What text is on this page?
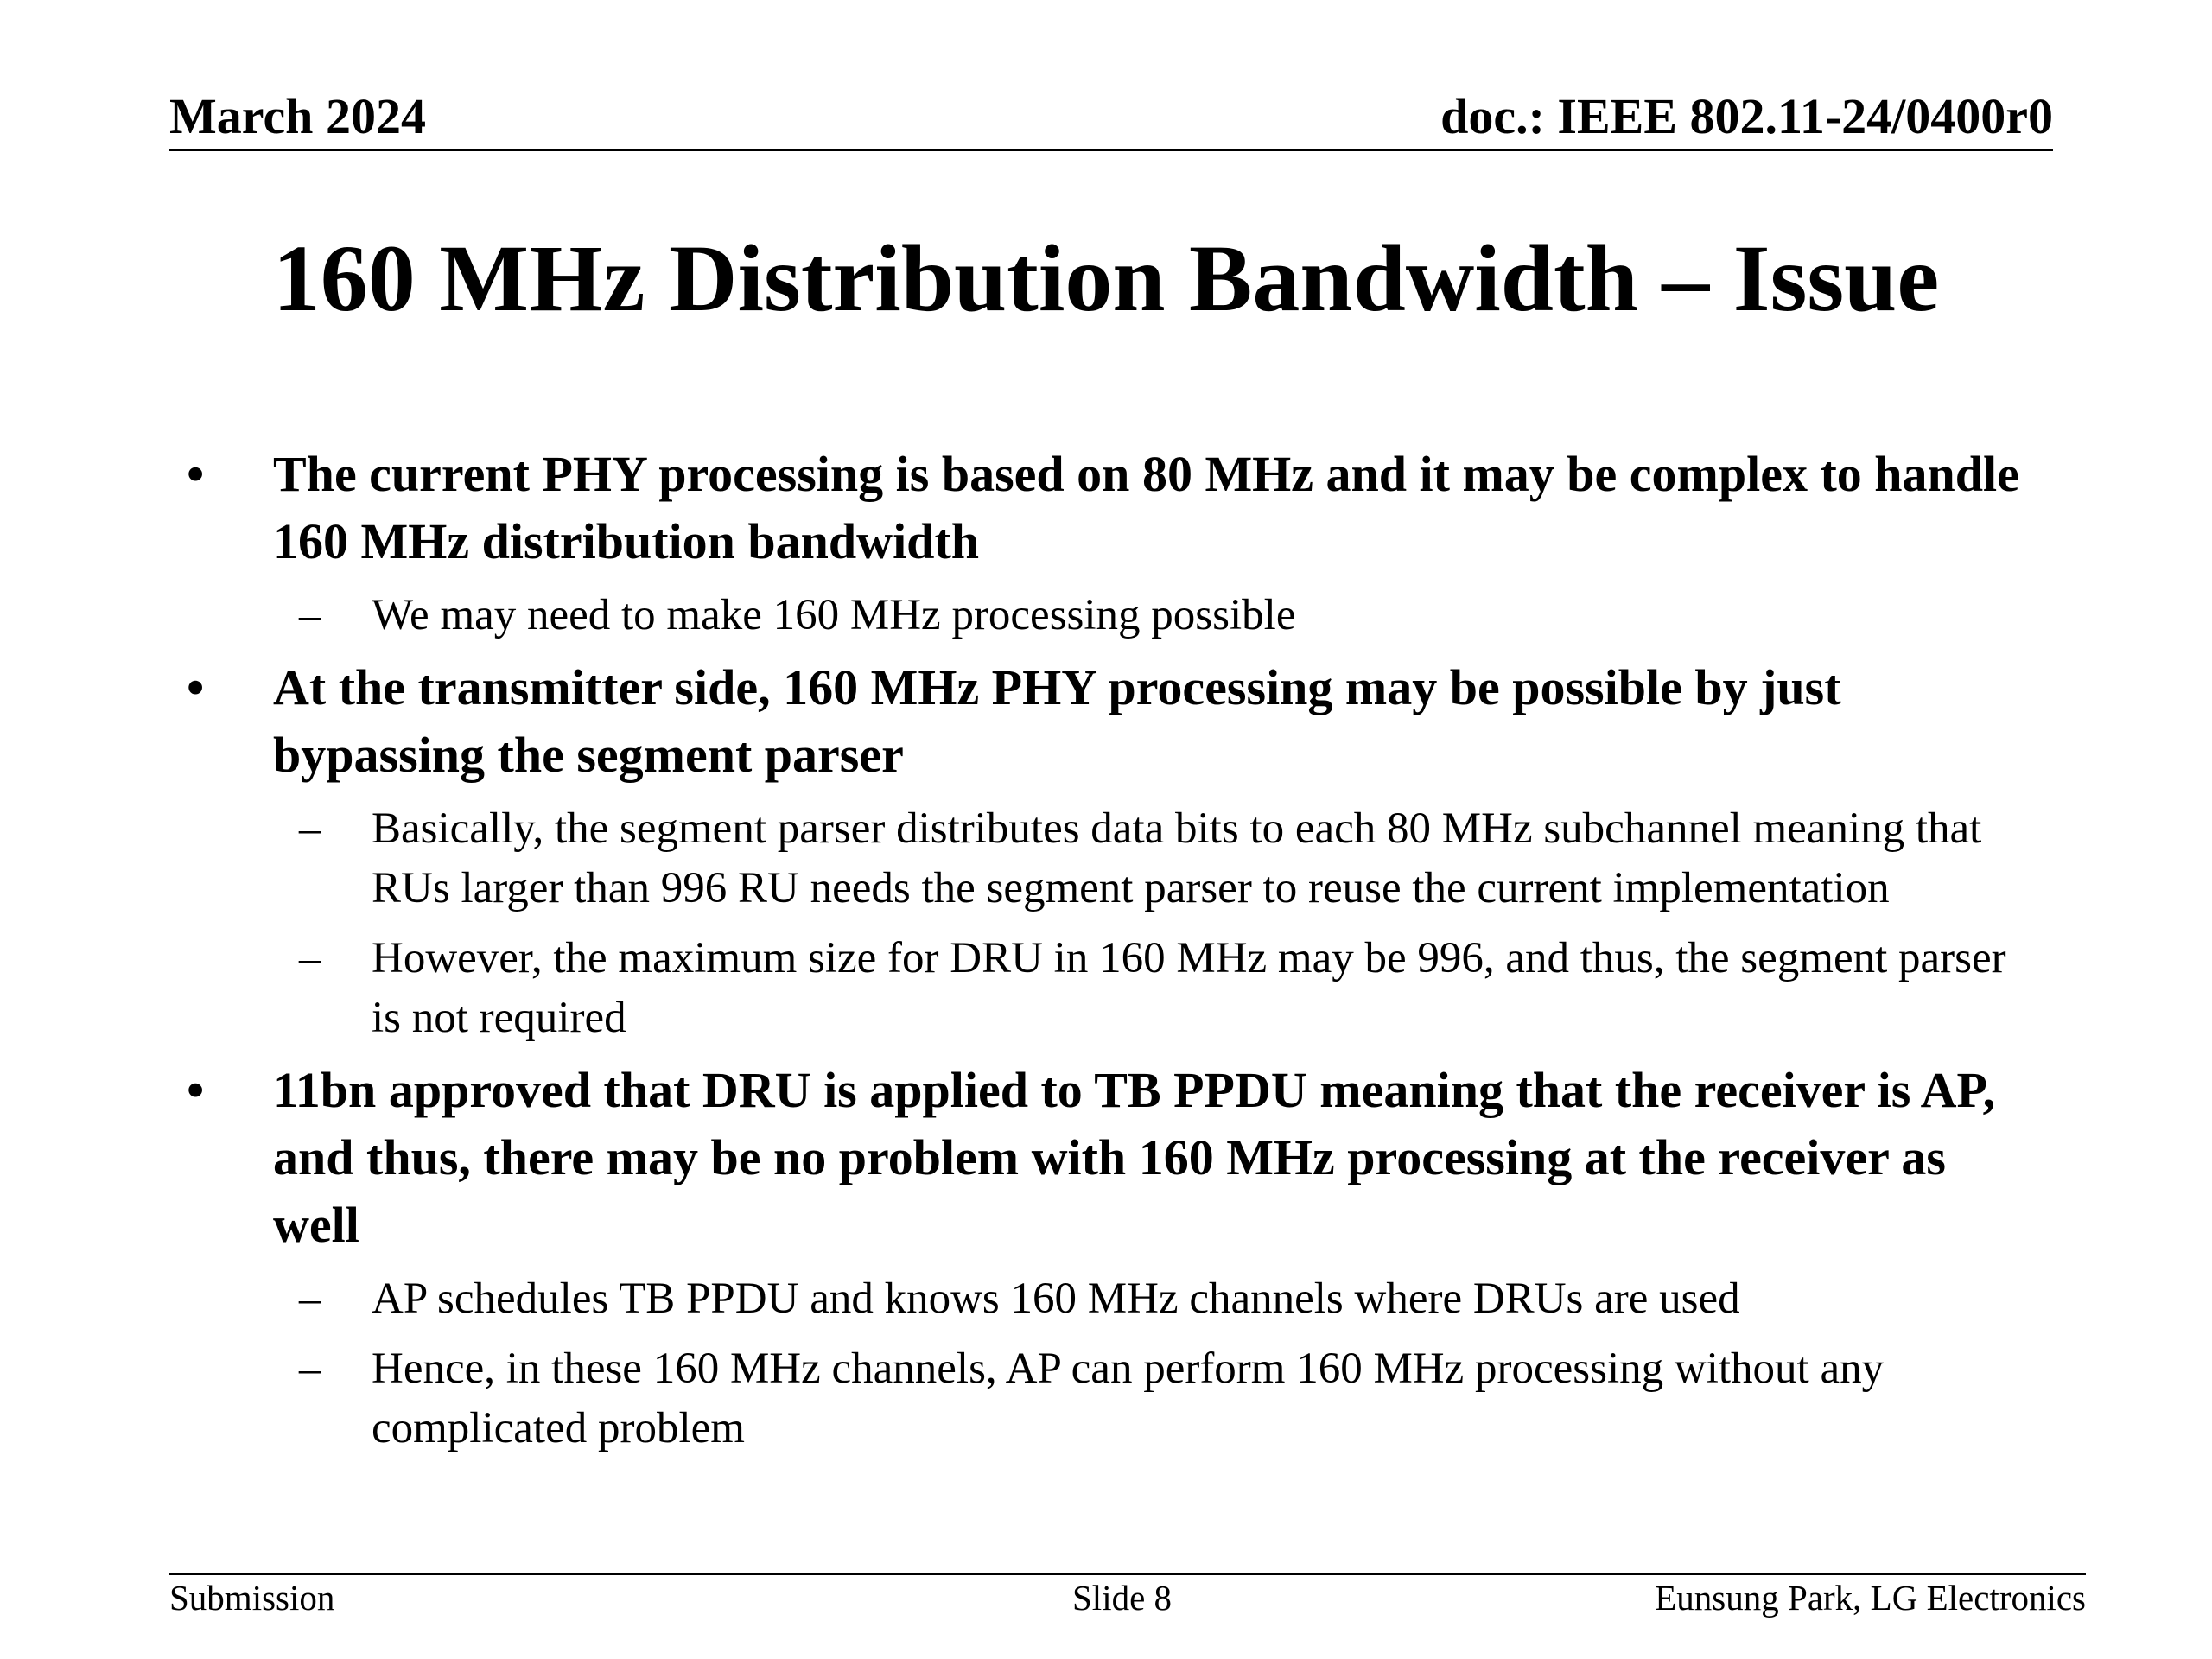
March 2024	doc.: IEEE 802.11-24/0400r0
160 MHz Distribution Bandwidth – Issue
• The current PHY processing is based on 80 MHz and it may be complex to handle 160 MHz distribution bandwidth
– We may need to make 160 MHz processing possible
• At the transmitter side, 160 MHz PHY processing may be possible by just bypassing the segment parser
– Basically, the segment parser distributes data bits to each 80 MHz subchannel meaning that RUs larger than 996 RU needs the segment parser to reuse the current implementation
– However, the maximum size for DRU in 160 MHz may be 996, and thus, the segment parser is not required
• 11bn approved that DRU is applied to TB PPDU meaning that the receiver is AP, and thus, there may be no problem with 160 MHz processing at the receiver as well
– AP schedules TB PPDU and knows 160 MHz channels where DRUs are used
– Hence, in these 160 MHz channels, AP can perform 160 MHz processing without any complicated problem
Submission	Slide 8	Eunsung Park, LG Electronics
